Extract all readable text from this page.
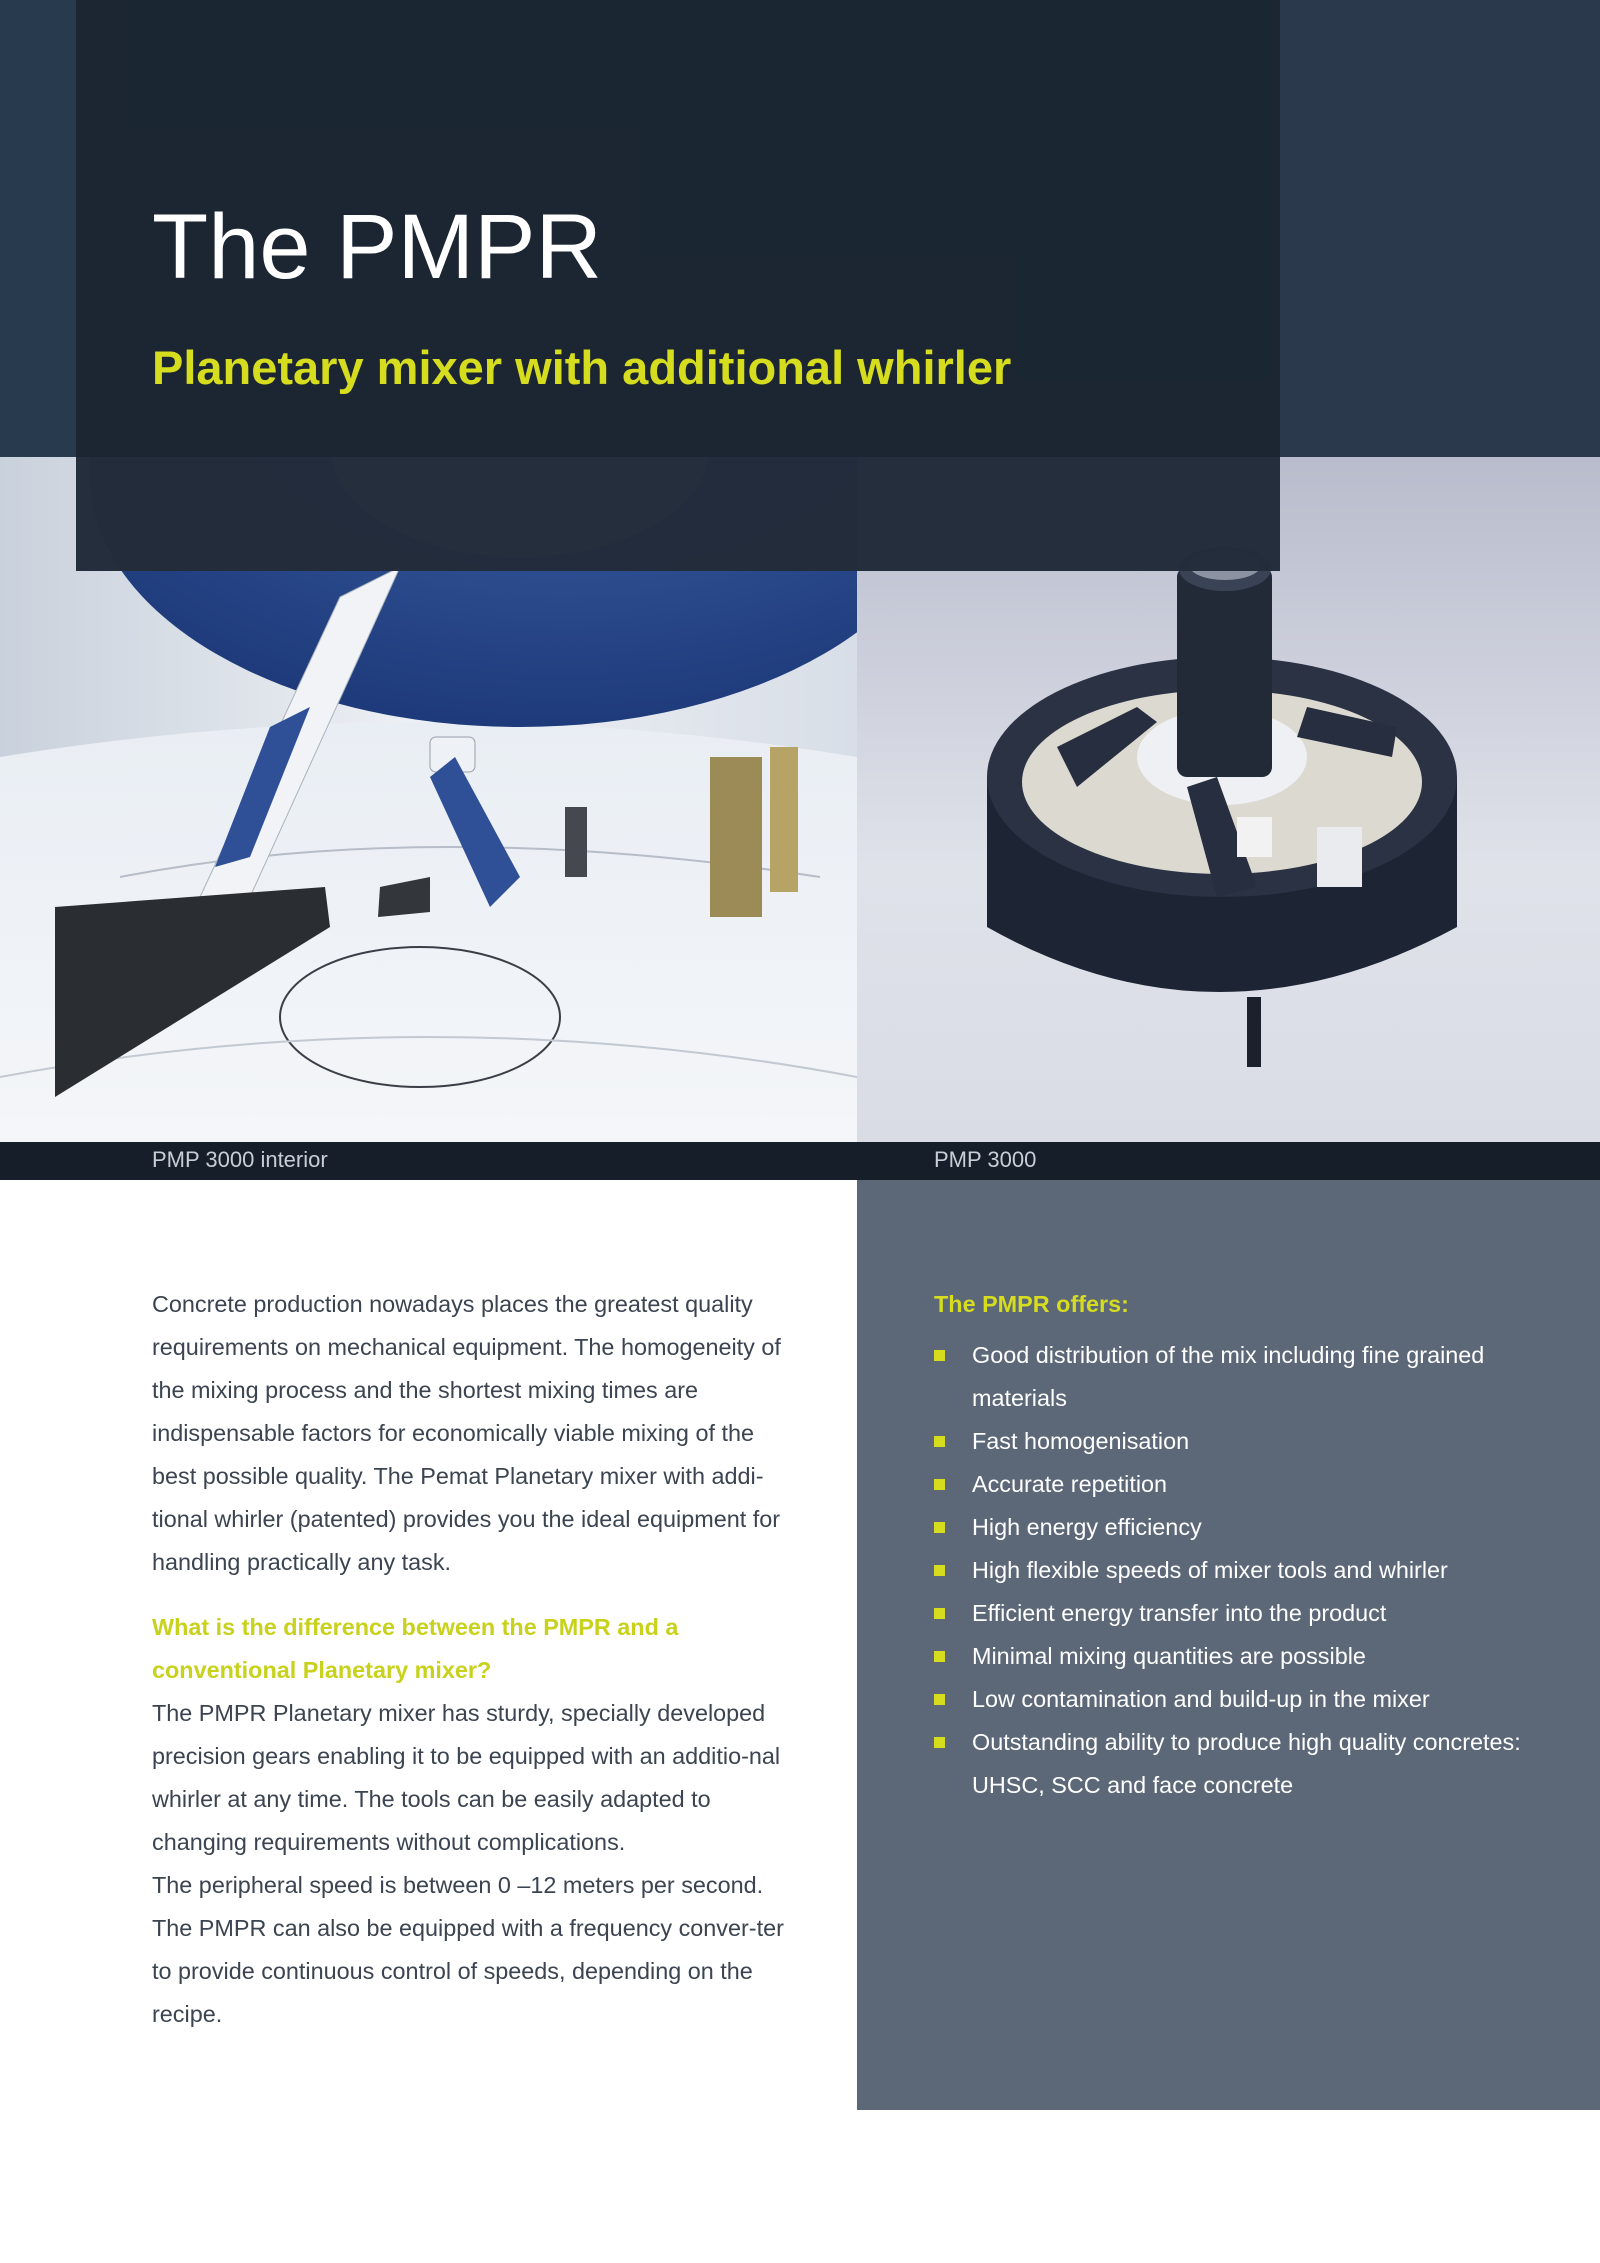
The PMPR
Planetary mixer with additional whirler
PMP 3000 interior	PMP 3000

Concrete production nowadays places the greatest quality requirements on mechanical equipment. The homogeneity of the mixing process and the shortest mixing times are indispensable factors for economically viable mixing of the best possible quality. The Pemat Planetary mixer with addi-tional whirler (patented) provides you the ideal equipment for handling practically any task.

What is the difference between the PMPR and a conventional Planetary mixer?

The PMPR Planetary mixer has sturdy, specially developed precision gears enabling it to be equipped with an additio-nal whirler at any time. The tools can be easily adapted to changing requirements without complications.

The peripheral speed is between 0 –12 meters per second.

The PMPR can also be equipped with a frequency conver-ter to provide continuous control of speeds, depending on the recipe.

The PMPR offers:
Good distribution of the mix including fine grained materials
Fast homogenisation
Accurate repetition
High energy efficiency
High flexible speeds of mixer tools and whirler
Efficient energy transfer into the product
Minimal mixing quantities are possible
Low contamination and build-up in the mixer
Outstanding ability to produce high quality concretes: UHSC, SCC and face concrete
